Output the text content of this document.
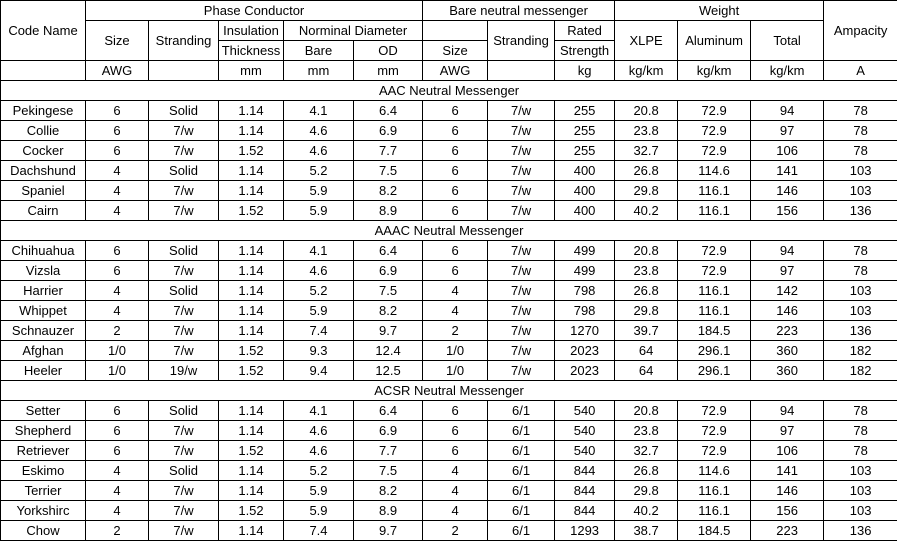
Code Name	Phase Conductor					Bare neutral messenger			Weight			Ampacity
	Size	Stranding	Insulation	Norminal Diameter			Stranding	Rated	XLPE	Aluminum	Total	
			Thickness	Bare	OD	Size		Strength				
	AWG		mm	mm	mm	AWG		kg	kg/km	kg/km	kg/km	A
AAC Neutral Messenger												
Pekingese	6	Solid	1.14	4.1	6.4	6	7/w	255	20.8	72.9	94	78
Collie	6	7/w	1.14	4.6	6.9	6	7/w	255	23.8	72.9	97	78
Cocker	6	7/w	1.52	4.6	7.7	6	7/w	255	32.7	72.9	106	78
Dachshund	4	Solid	1.14	5.2	7.5	6	7/w	400	26.8	114.6	141	103
Spaniel	4	7/w	1.14	5.9	8.2	6	7/w	400	29.8	116.1	146	103
Cairn	4	7/w	1.52	5.9	8.9	6	7/w	400	40.2	116.1	156	136
AAAC Neutral Messenger												
Chihuahua	6	Solid	1.14	4.1	6.4	6	7/w	499	20.8	72.9	94	78
Vizsla	6	7/w	1.14	4.6	6.9	6	7/w	499	23.8	72.9	97	78
Harrier	4	Solid	1.14	5.2	7.5	4	7/w	798	26.8	116.1	142	103
Whippet	4	7/w	1.14	5.9	8.2	4	7/w	798	29.8	116.1	146	103
Schnauzer	2	7/w	1.14	7.4	9.7	2	7/w	1270	39.7	184.5	223	136
Afghan	1/0	7/w	1.52	9.3	12.4	1/0	7/w	2023	64	296.1	360	182
Heeler	1/0	19/w	1.52	9.4	12.5	1/0	7/w	2023	64	296.1	360	182
ACSR Neutral Messenger												
Setter	6	Solid	1.14	4.1	6.4	6	6/1	540	20.8	72.9	94	78
Shepherd	6	7/w	1.14	4.6	6.9	6	6/1	540	23.8	72.9	97	78
Retriever	6	7/w	1.52	4.6	7.7	6	6/1	540	32.7	72.9	106	78
Eskimo	4	Solid	1.14	5.2	7.5	4	6/1	844	26.8	114.6	141	103
Terrier	4	7/w	1.14	5.9	8.2	4	6/1	844	29.8	116.1	146	103
Yorkshirc	4	7/w	1.52	5.9	8.9	4	6/1	844	40.2	116.1	156	103
Chow	2	7/w	1.14	7.4	9.7	2	6/1	1293	38.7	184.5	223	136
